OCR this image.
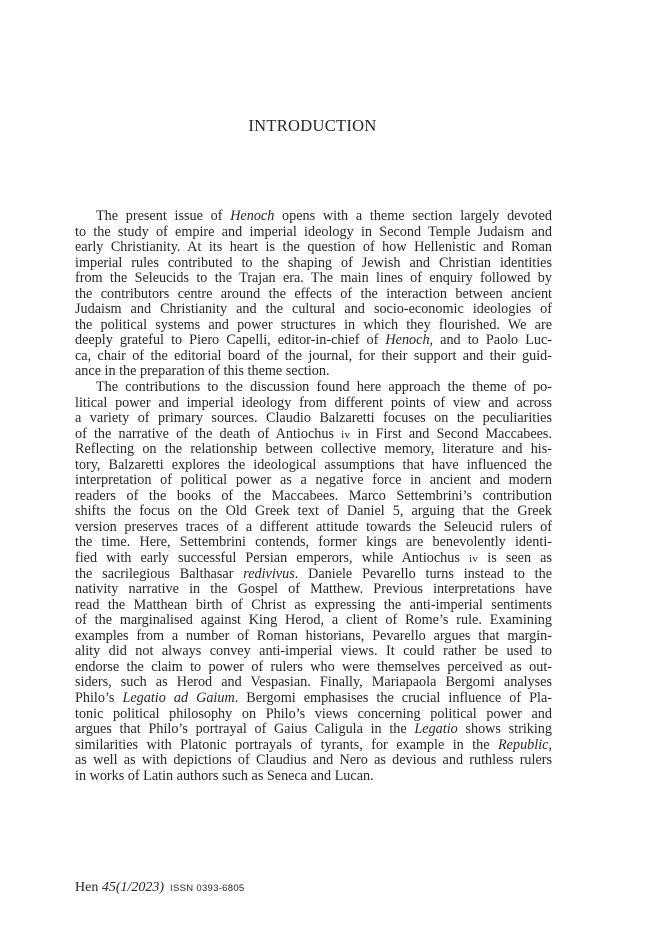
INTRODUCTION
The present issue of Henoch opens with a theme section largely devoted
to the study of empire and imperial ideology in Second Temple Judaism and
early Christianity. At its heart is the question of how Hellenistic and Roman
imperial rules contributed to the shaping of Jewish and Christian identities
from the Seleucids to the Trajan era. The main lines of enquiry followed by
the contributors centre around the effects of the interaction between ancient
Judaism and Christianity and the cultural and socio-economic ideologies of
the political systems and power structures in which they flourished. We are
deeply grateful to Piero Capelli, editor-in-chief of Henoch, and to Paolo Luc-
ca, chair of the editorial board of the journal, for their support and their guid-
ance in the preparation of this theme section.
The contributions to the discussion found here approach the theme of po-
litical power and imperial ideology from different points of view and across
a variety of primary sources. Claudio Balzaretti focuses on the peculiarities
of the narrative of the death of Antiochus iv in First and Second Maccabees.
Reflecting on the relationship between collective memory, literature and his-
tory, Balzaretti explores the ideological assumptions that have influenced the
interpretation of political power as a negative force in ancient and modern
readers of the books of the Maccabees. Marco Settembrini’s contribution
shifts the focus on the Old Greek text of Daniel 5, arguing that the Greek
version preserves traces of a different attitude towards the Seleucid rulers of
the time. Here, Settembrini contends, former kings are benevolently identi-
fied with early successful Persian emperors, while Antiochus iv is seen as
the sacrilegious Balthasar redivivus. Daniele Pevarello turns instead to the
nativity narrative in the Gospel of Matthew. Previous interpretations have
read the Matthean birth of Christ as expressing the anti-imperial sentiments
of the marginalised against King Herod, a client of Rome’s rule. Examining
examples from a number of Roman historians, Pevarello argues that margin-
ality did not always convey anti-imperial views. It could rather be used to
endorse the claim to power of rulers who were themselves perceived as out-
siders, such as Herod and Vespasian. Finally, Mariapaola Bergomi analyses
Philo’s Legatio ad Gaium. Bergomi emphasises the crucial influence of Pla-
tonic political philosophy on Philo’s views concerning political power and
argues that Philo’s portrayal of Gaius Caligula in the Legatio shows striking
similarities with Platonic portrayals of tyrants, for example in the Republic,
as well as with depictions of Claudius and Nero as devious and ruthless rulers
in works of Latin authors such as Seneca and Lucan.
Hen 45(1/2023) ISSN 0393-6805
